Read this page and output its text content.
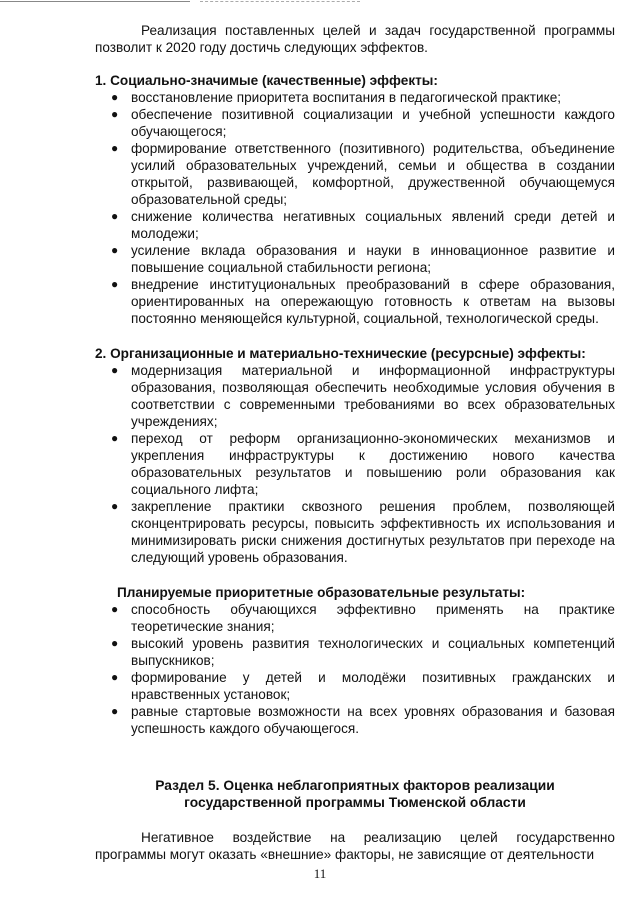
Реализация поставленных целей и задач государственной программы позволит к 2020 году достичь следующих эффектов.

1. Социально-значимые (качественные) эффекты:

● восстановление приоритета воспитания в педагогической практике;
● обеспечение позитивной социализации и учебной успешности каждого обучающегося;
● формирование ответственного (позитивного) родительства, объединение усилий образовательных учреждений, семьи и общества в создании открытой, развивающей, комфортной, дружественной обучающемуся образовательной среды;
● снижение количества негативных социальных явлений среди детей и молодежи;
● усиление вклада образования и науки в инновационное развитие и повышение социальной стабильности региона;
● внедрение институциональных преобразований в сфере образования, ориентированных на опережающую готовность к ответам на вызовы постоянно меняющейся культурной, социальной, технологической среды.

2. Организационные и материально-технические (ресурсные) эффекты:

● модернизация материальной и информационной инфраструктуры образования, позволяющая обеспечить необходимые условия обучения в соответствии с современными требованиями во всех образовательных учреждениях;
● переход от реформ организационно-экономических механизмов и укрепления инфраструктуры к достижению нового качества образовательных результатов и повышению роли образования как социального лифта;
● закрепление практики сквозного решения проблем, позволяющей сконцентрировать ресурсы, повысить эффективность их использования и минимизировать риски снижения достигнутых результатов при переходе на следующий уровень образования.

Планируемые приоритетные образовательные результаты:

● способность обучающихся эффективно применять на практике теоретические знания;
● высокий уровень развития технологических и социальных компетенций выпускников;
● формирование у детей и молодёжи позитивных гражданских и нравственных установок;
● равные стартовые возможности на всех уровнях образования и базовая успешность каждого обучающегося.

Раздел 5. Оценка неблагоприятных факторов реализации

государственной программы Тюменской области

Негативное воздействие на реализацию целей государственно программы могут оказать «внешние» факторы, не зависящие от деятельности

11
